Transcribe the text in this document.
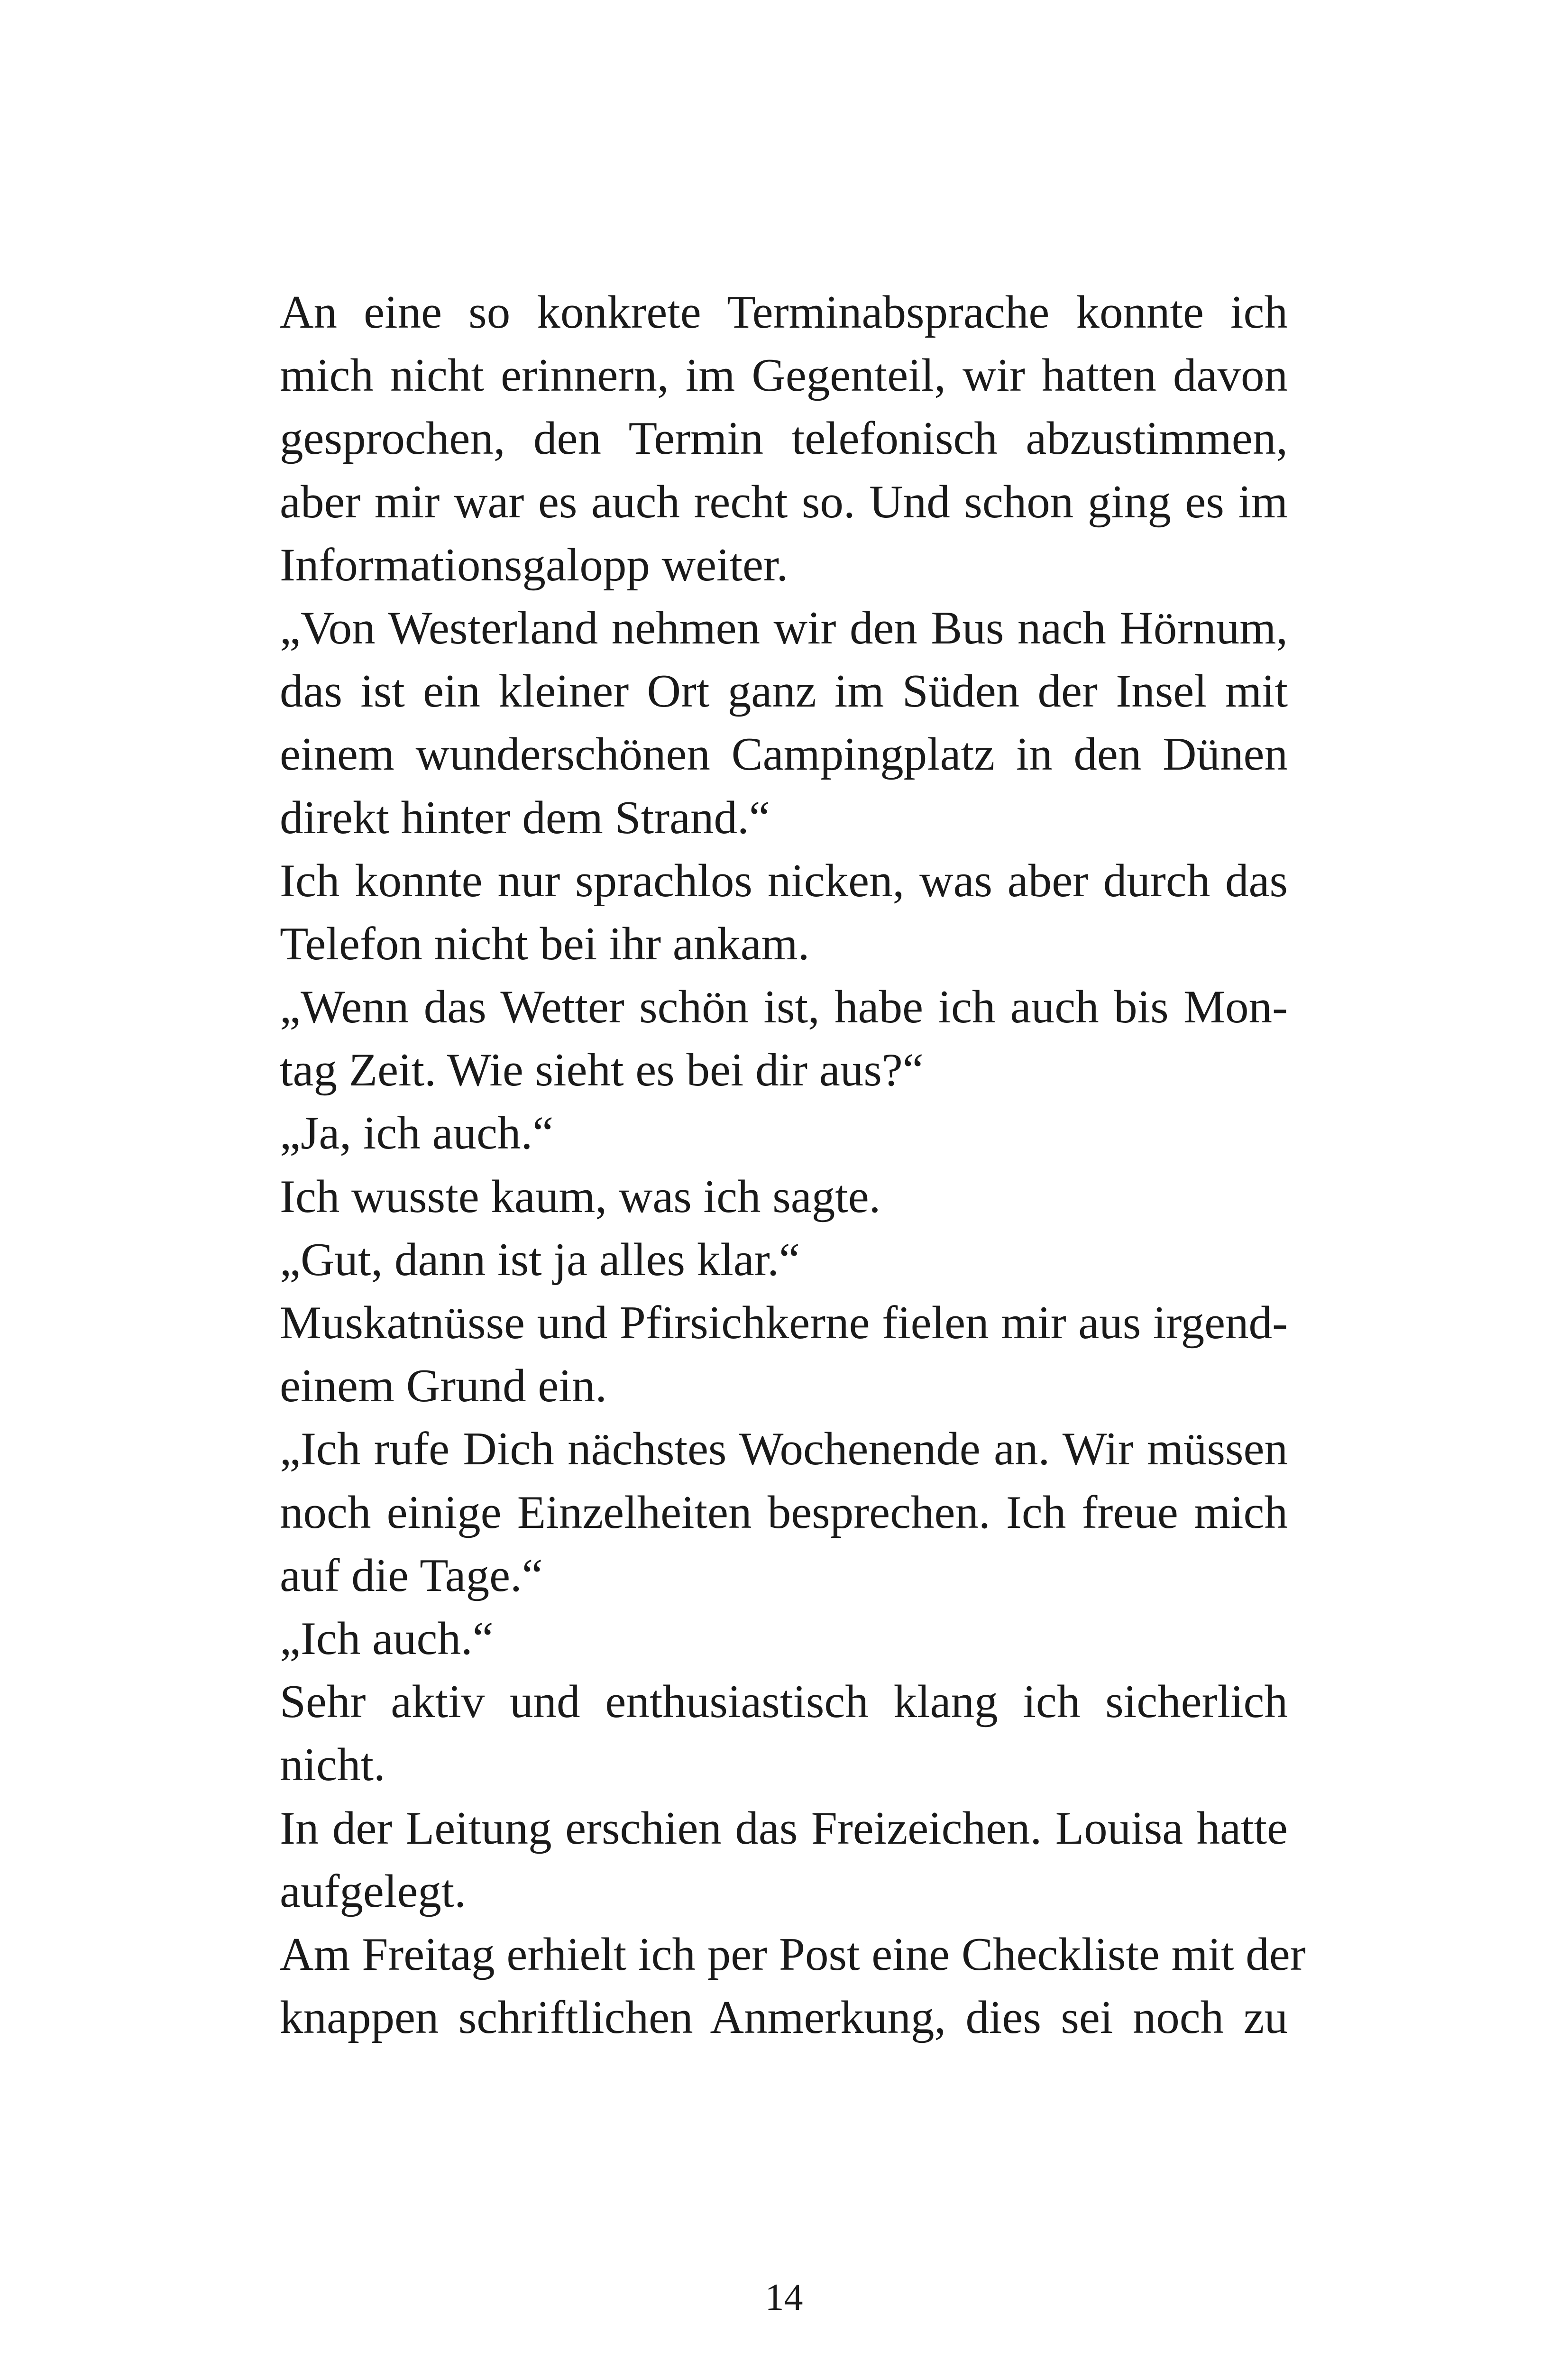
An eine so konkrete Terminabsprache konnte ich
mich nicht erinnern, im Gegenteil, wir hatten davon
gesprochen, den Termin telefonisch abzustimmen,
aber mir war es auch recht so. Und schon ging es im
Informationsgalopp weiter.
„Von Westerland nehmen wir den Bus nach Hörnum,
das ist ein kleiner Ort ganz im Süden der Insel mit
einem wunderschönen Campingplatz in den Dünen
direkt hinter dem Strand.“
Ich konnte nur sprachlos nicken, was aber durch das
Telefon nicht bei ihr ankam.
„Wenn das Wetter schön ist, habe ich auch bis Mon-
tag Zeit. Wie sieht es bei dir aus?“
„Ja, ich auch.“
Ich wusste kaum, was ich sagte.
„Gut, dann ist ja alles klar.“
Muskatnüsse und Pfirsichkerne fielen mir aus irgend-
einem Grund ein.
„Ich rufe Dich nächstes Wochenende an. Wir müssen
noch einige Einzelheiten besprechen. Ich freue mich
auf die Tage.“
„Ich auch.“
Sehr aktiv und enthusiastisch klang ich sicherlich
nicht.
In der Leitung erschien das Freizeichen. Louisa hatte
aufgelegt.
Am Freitag erhielt ich per Post eine Checkliste mit der
knappen schriftlichen Anmerkung, dies sei noch zu
14
